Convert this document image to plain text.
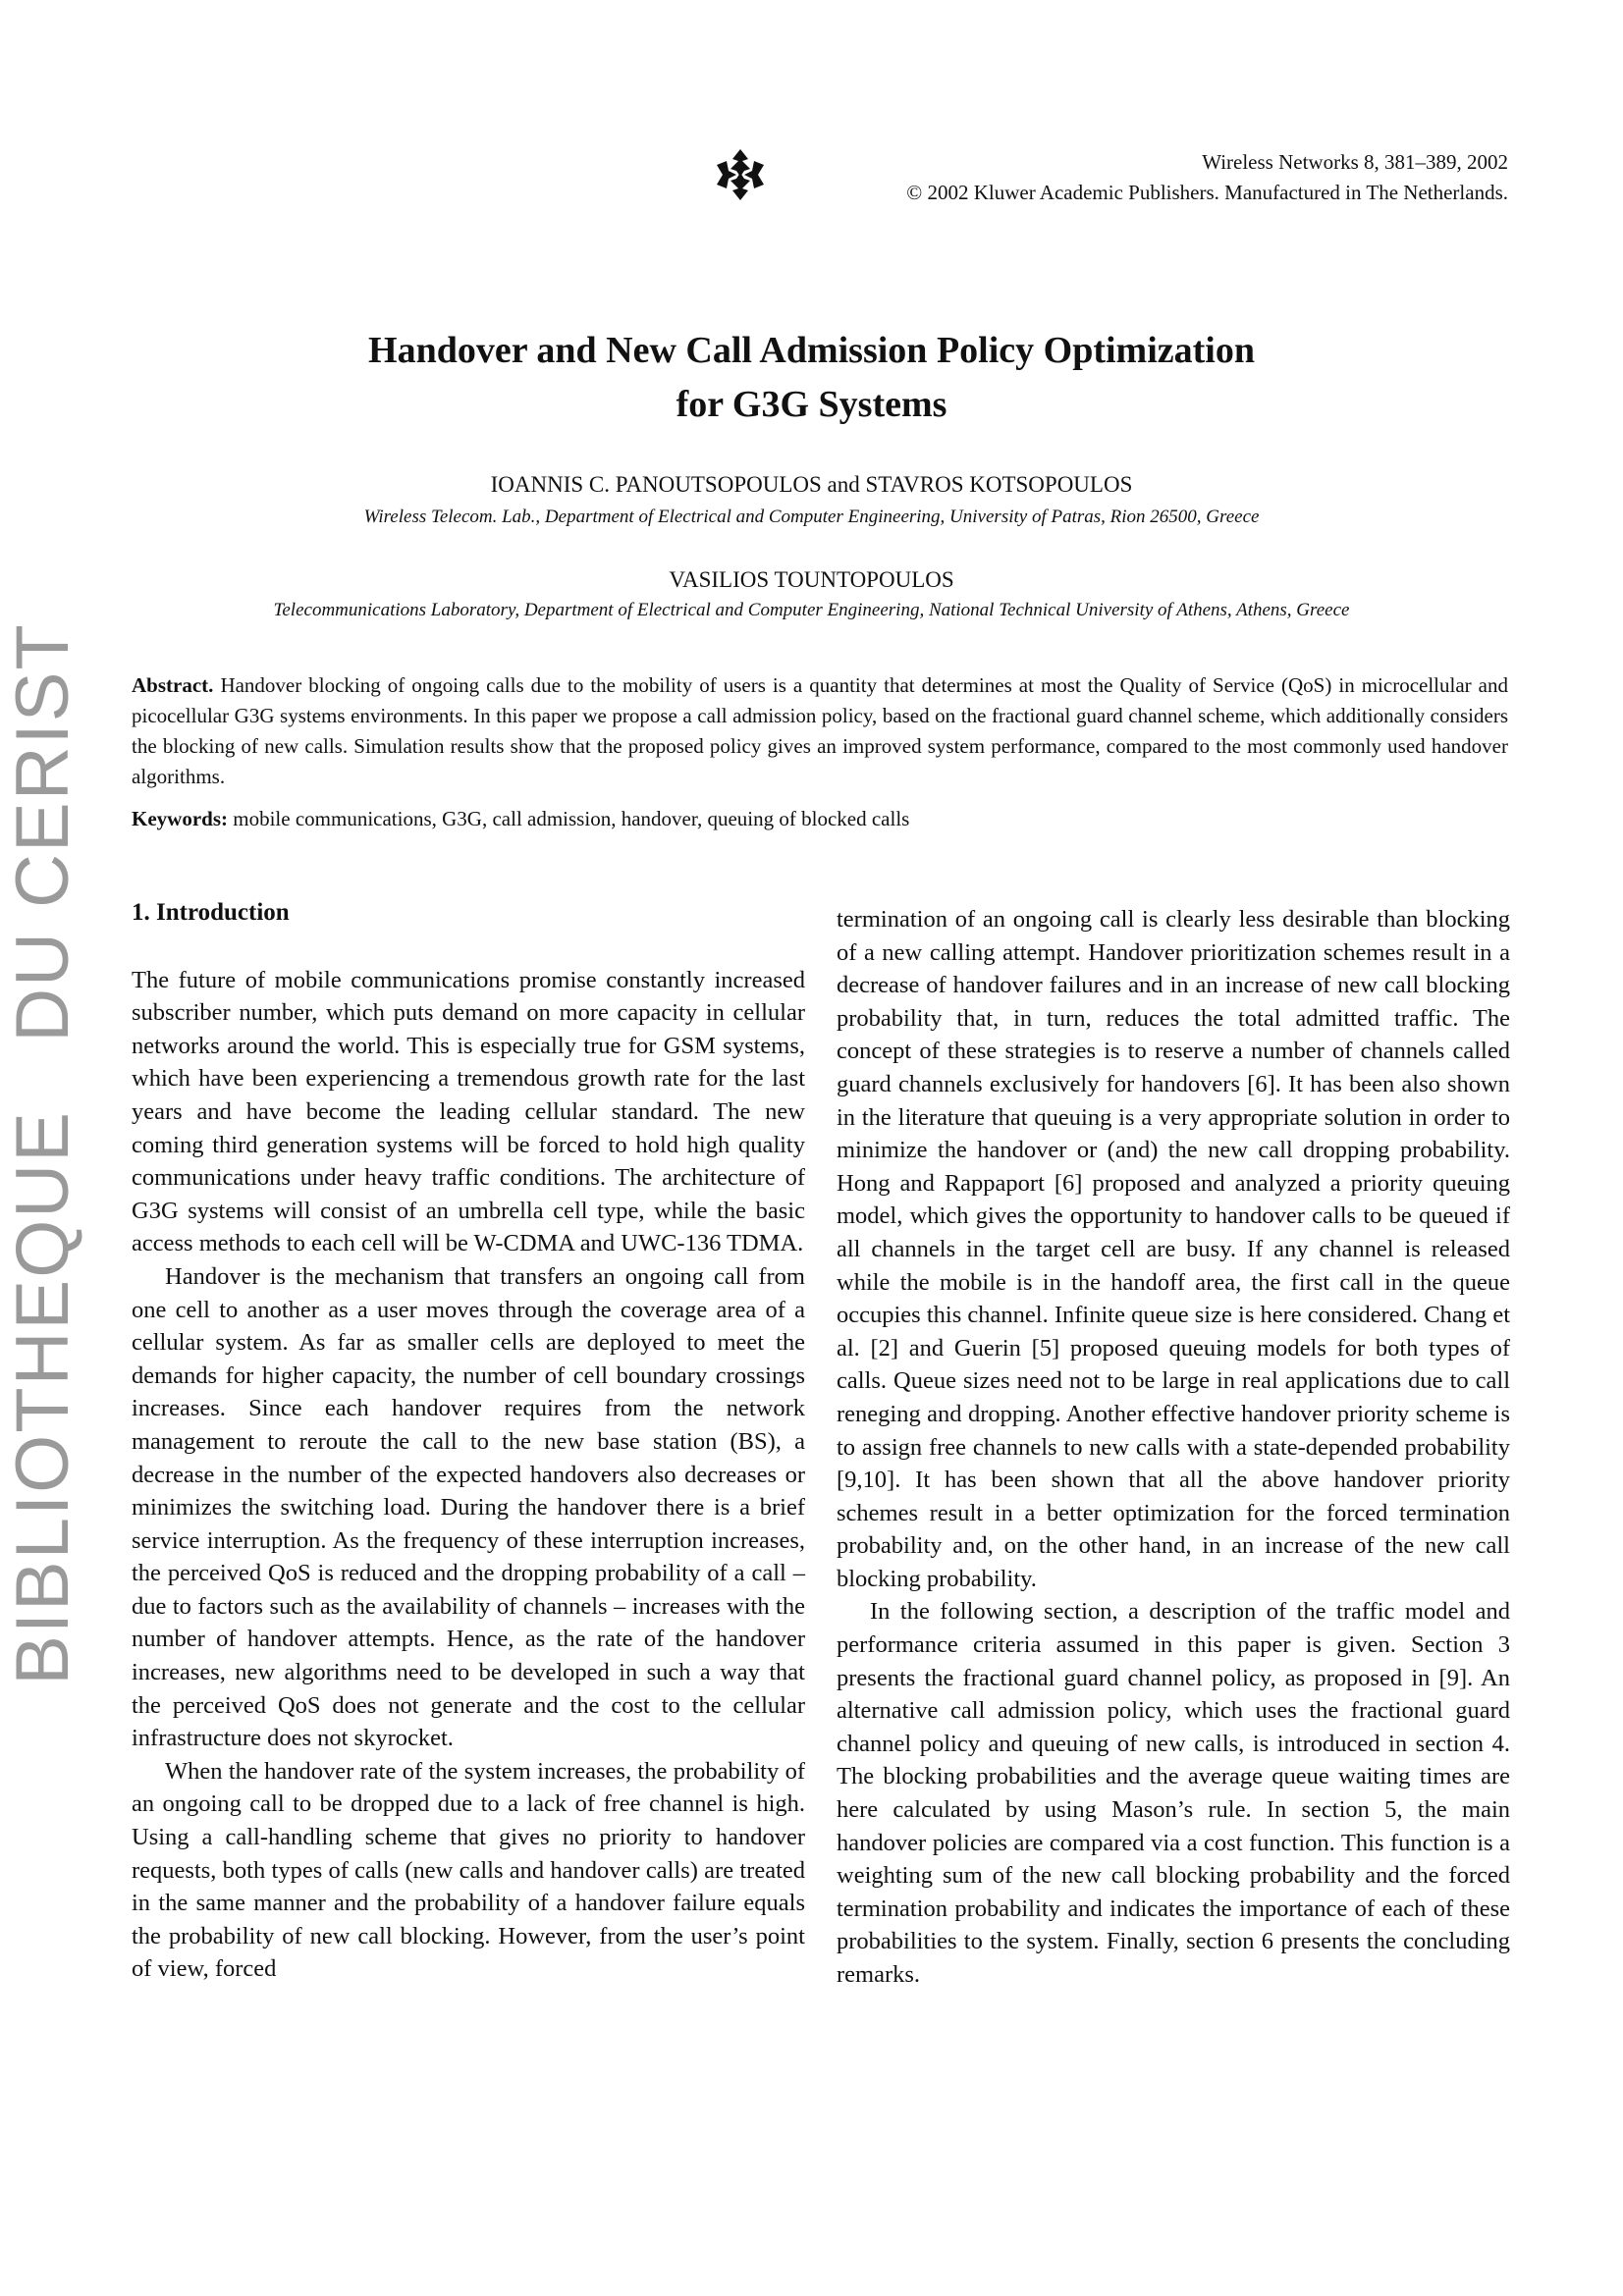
BIBLIOTHEQUE   DU CERIST
Wireless Networks 8, 381–389, 2002
© 2002 Kluwer Academic Publishers. Manufactured in The Netherlands.
Handover and New Call Admission Policy Optimization
for G3G Systems
IOANNIS C. PANOUTSOPOULOS and STAVROS KOTSOPOULOS
Wireless Telecom. Lab., Department of Electrical and Computer Engineering, University of Patras, Rion 26500, Greece
VASILIOS TOUNTOPOULOS
Telecommunications Laboratory, Department of Electrical and Computer Engineering, National Technical University of Athens, Athens, Greece
Abstract. Handover blocking of ongoing calls due to the mobility of users is a quantity that determines at most the Quality of Service (QoS) in microcellular and picocellular G3G systems environments. In this paper we propose a call admission policy, based on the fractional guard channel scheme, which additionally considers the blocking of new calls. Simulation results show that the proposed policy gives an improved system performance, compared to the most commonly used handover algorithms.
Keywords: mobile communications, G3G, call admission, handover, queuing of blocked calls

1. Introduction

The future of mobile communications promise constantly increased subscriber number, which puts demand on more capacity in cellular networks around the world. This is especially true for GSM systems, which have been experiencing a tremendous growth rate for the last years and have become the leading cellular standard. The new coming third generation systems will be forced to hold high quality communications under heavy traffic conditions. The architecture of G3G systems will consist of an umbrella cell type, while the basic access methods to each cell will be W-CDMA and UWC-136 TDMA.

Handover is the mechanism that transfers an ongoing call from one cell to another as a user moves through the coverage area of a cellular system. As far as smaller cells are deployed to meet the demands for higher capacity, the number of cell boundary crossings increases. Since each handover requires from the network management to reroute the call to the new base station (BS), a decrease in the number of the expected handovers also decreases or minimizes the switching load. During the handover there is a brief service interruption. As the frequency of these interruption increases, the perceived QoS is reduced and the dropping probability of a call – due to factors such as the availability of channels – increases with the number of handover attempts. Hence, as the rate of the handover increases, new algorithms need to be developed in such a way that the perceived QoS does not generate and the cost to the cellular infrastructure does not skyrocket.

When the handover rate of the system increases, the probability of an ongoing call to be dropped due to a lack of free channel is high. Using a call-handling scheme that gives no priority to handover requests, both types of calls (new calls and handover calls) are treated in the same manner and the probability of a handover failure equals the probability of new call blocking. However, from the user’s point of view, forced

termination of an ongoing call is clearly less desirable than blocking of a new calling attempt. Handover prioritization schemes result in a decrease of handover failures and in an increase of new call blocking probability that, in turn, reduces the total admitted traffic. The concept of these strategies is to reserve a number of channels called guard channels exclusively for handovers [6]. It has been also shown in the literature that queuing is a very appropriate solution in order to minimize the handover or (and) the new call dropping probability. Hong and Rappaport [6] proposed and analyzed a priority queuing model, which gives the opportunity to handover calls to be queued if all channels in the target cell are busy. If any channel is released while the mobile is in the handoff area, the first call in the queue occupies this channel. Infinite queue size is here considered. Chang et al. [2] and Guerin [5] proposed queuing models for both types of calls. Queue sizes need not to be large in real applications due to call reneging and dropping. Another effective handover priority scheme is to assign free channels to new calls with a state-depended probability [9,10]. It has been shown that all the above handover priority schemes result in a better optimization for the forced termination probability and, on the other hand, in an increase of the new call blocking probability.

In the following section, a description of the traffic model and performance criteria assumed in this paper is given. Section 3 presents the fractional guard channel policy, as proposed in [9]. An alternative call admission policy, which uses the fractional guard channel policy and queuing of new calls, is introduced in section 4. The blocking probabilities and the average queue waiting times are here calculated by using Mason’s rule. In section 5, the main handover policies are compared via a cost function. This function is a weighting sum of the new call blocking probability and the forced termination probability and indicates the importance of each of these probabilities to the system. Finally, section 6 presents the concluding remarks.
